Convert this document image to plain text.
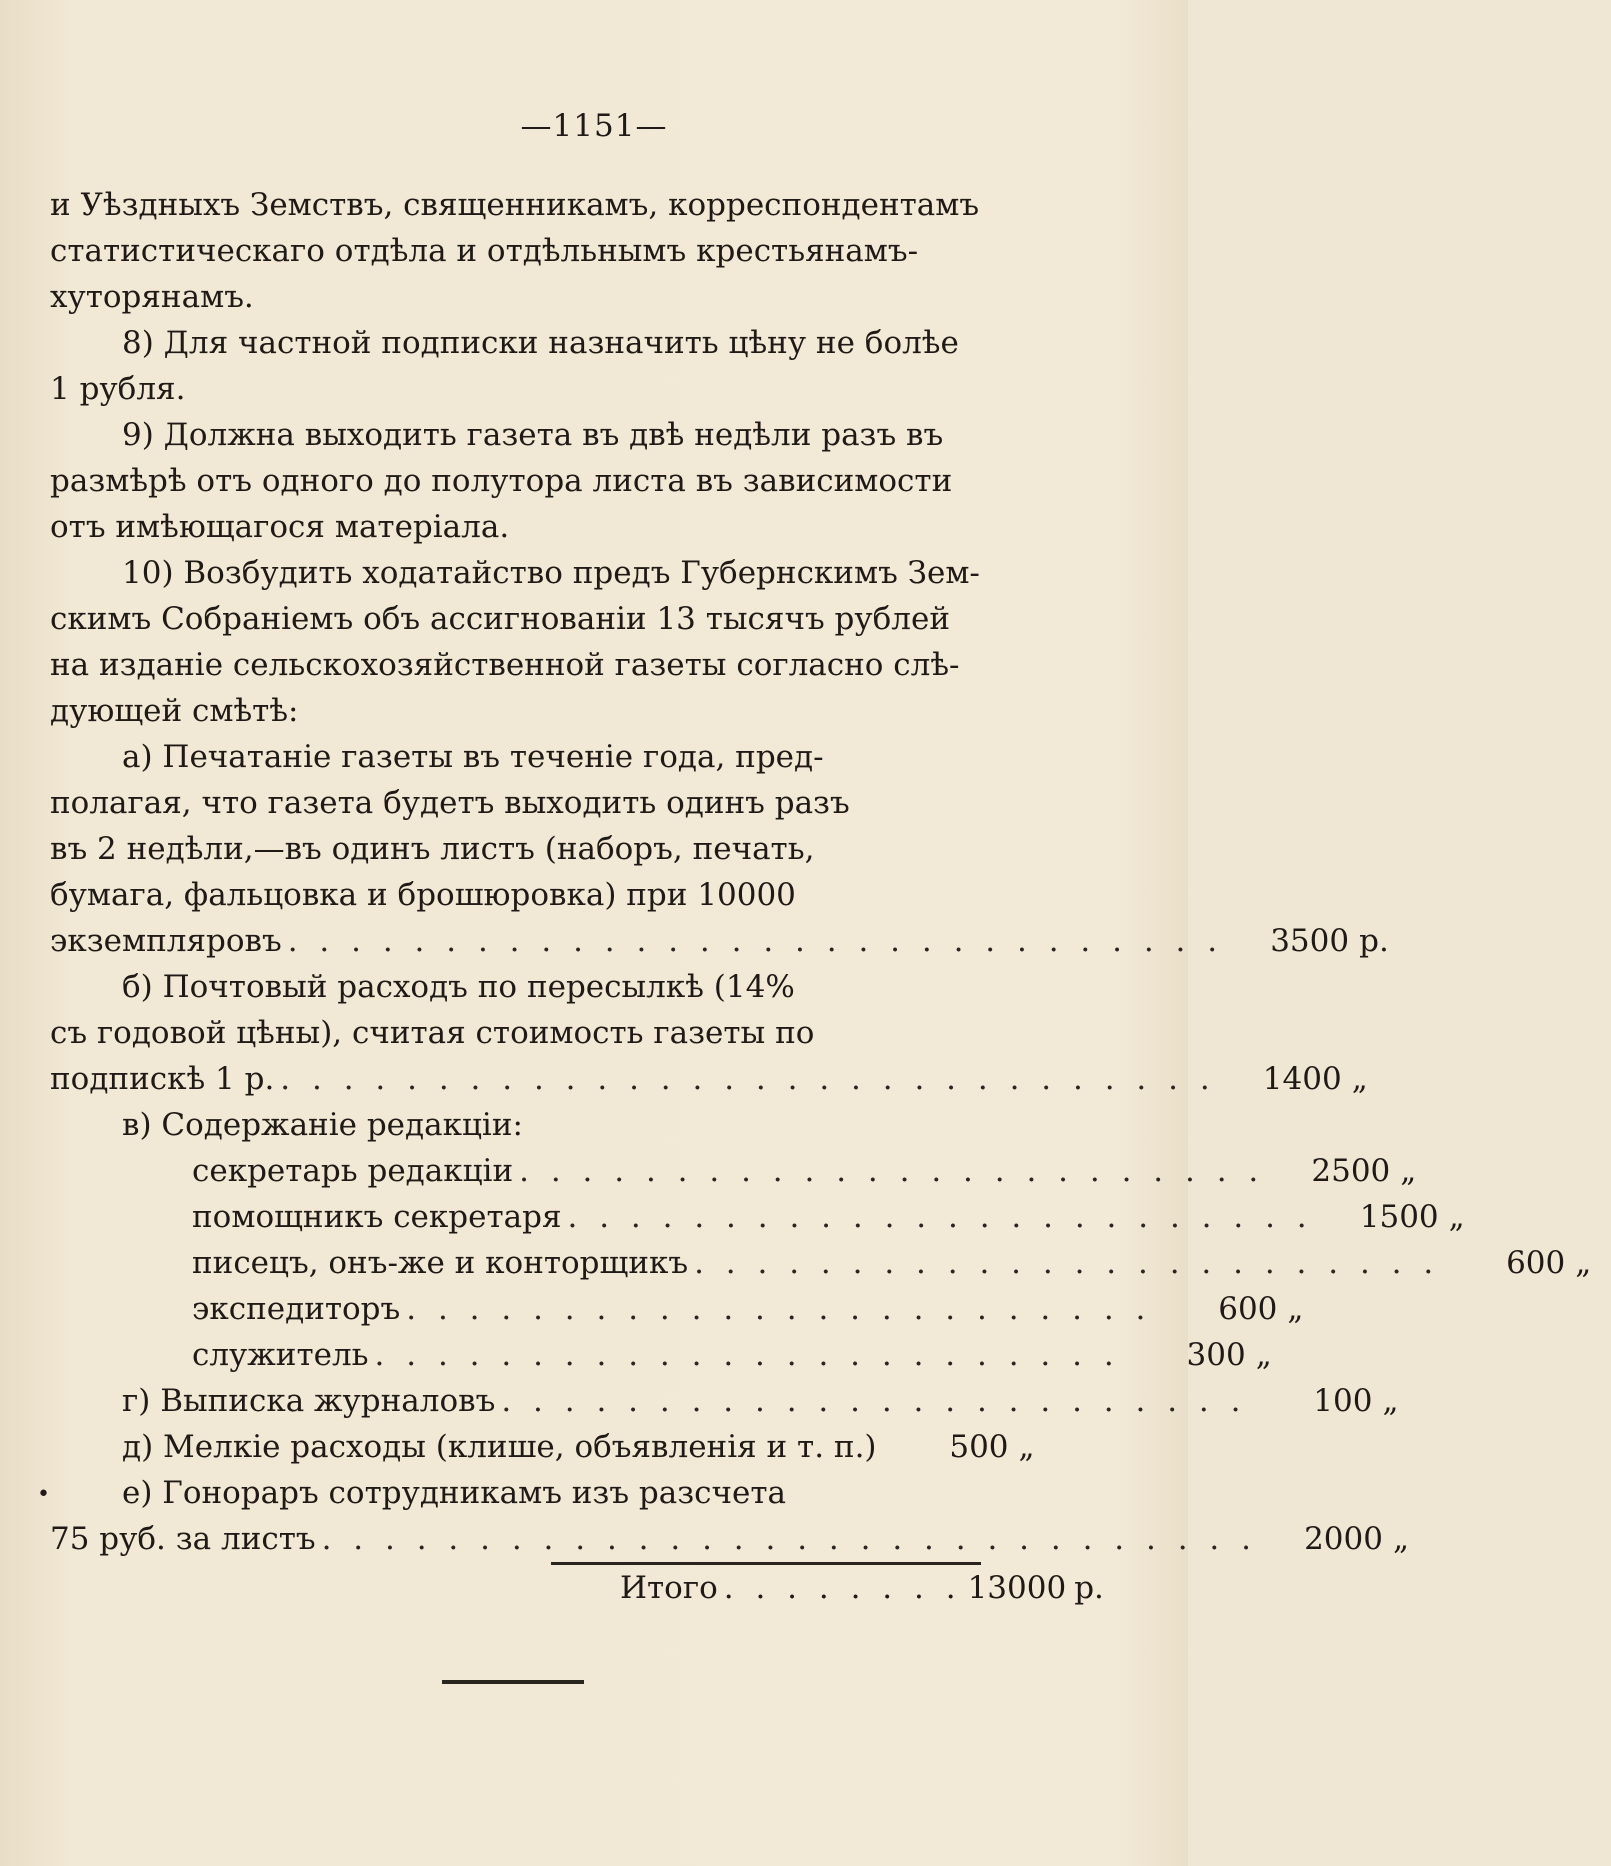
—1151—
и Уѣздныхъ Земствъ, священникамъ, корреспондентамъ
статистическаго отдѣла и отдѣльнымъ крестьянамъ-
хуторянамъ.
8) Для частной подписки назначить цѣну не болѣе
1 рубля.
9) Должна выходить газета въ двѣ недѣли разъ въ
размѣрѣ отъ одного до полутора листа въ зависимости
отъ имѣющагося матеріала.
10) Возбудить ходатайство предъ Губернскимъ Зем-
скимъ Собраніемъ объ ассигнованіи 13 тысячъ рублей
на изданіе сельскохозяйственной газеты согласно слѣ-
дующей смѣтѣ:
а) Печатаніе газеты въ теченіе года, пред-
полагая, что газета будетъ выходить одинъ разъ
въ 2 недѣли,—въ одинъ листъ (наборъ, печать,
бумага, фальцовка и брошюровка) при 10000
экземпляровъ . . . . . . . . . . . . . . . . . . . . . . . . . . . . . .	3500 р.
б) Почтовый расходъ по пересылкѣ (14%
съ годовой цѣны), считая стоимость газеты по
подпискѣ 1 р. . . . . . . . . . . . . . . . . . . . . . . . . . . . . . .	1400 „
в) Содержаніе редакціи:
секретарь редакціи . . . . . . . . . . . . . . . . . . . . . . . .	2500 „
помощникъ секретаря . . . . . . . . . . . . . . . . . . . . . . . .	1500 „
писецъ, онъ-же и конторщикъ . . . . . . . . . . . . . . . . . . . . . . . .	600 „
экспедиторъ . . . . . . . . . . . . . . . . . . . . . . . .	600 „
служитель . . . . . . . . . . . . . . . . . . . . . . . .	300 „
г) Выписка журналовъ . . . . . . . . . . . . . . . . . . . . . . . .	100 „
д) Мелкіе расходы (клише, объявленія и т. п.)	500 „
е) Гонораръ сотрудникамъ изъ разсчета
75 руб. за листъ . . . . . . . . . . . . . . . . . . . . . . . . . . . . . .	2000 „
•
Итого . . . . . . . . 13000 р.
